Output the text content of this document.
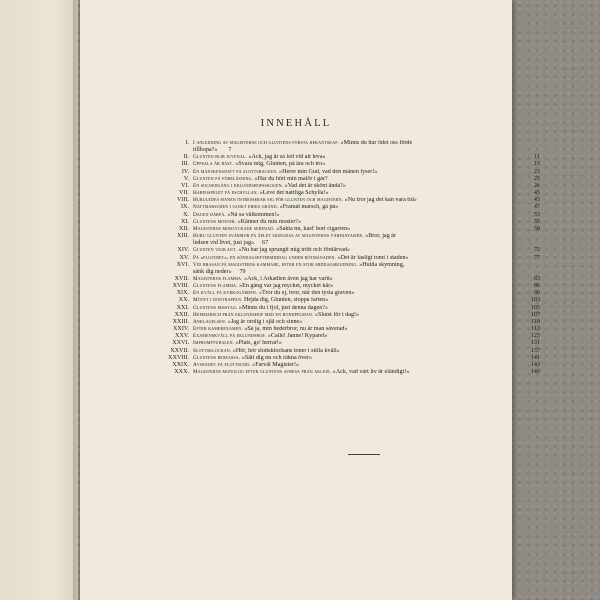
INNEHÅLL
I. I anledning av magisterns och gluntens första bekantskap. »Minns du hur ödet oss förde
tillhopa?»	7
II. Glunten blir juvenal. »Ack, jag är så led vid att leva»	11
III. Uppsala är bäst. »Svara mig, Glunten, på ära och tro»	19
IV. En månskensnatt på slottsbacken. »Herre min Gud, vad den månen lyser!»	23
V. Glunten på föreläsning. »Har du hört min malör i går?	25
VI. En solnedgång i eklundshofsskogen. »Vad det är skönt ändå?»	26
VII. Harpospelet på eschyllan. »Leve det nattliga Schylla!»	45
VIII. Huruledes månen intresserar sig för glunten och magistern. »Nu tror jag det kan vara tid»	45
IX. Nattmarschen i sankt eriks gränd. »Framåt marsch, gå på»	47
X. Dagen därpå. »Nå sa välkommen!»	53
XI. Gluntens moster. »Känner du min moster?»	55
XII. Magisterns misslyckade serenad. »Sakta nu, kast' bort cigarren»	58
XIII. Huru glunten svärmor på äplet skingras av magisterns vårfantasier. »Bror, jag är
ledsen vid livet, just jag»	67
XIV. Glunten vigilant. »Nu har jag sprungit mig trött och fördärvad»	72
XV. På »flustret», en söndagseftermiddag under rötmånaden. »Det är fasligt tomt i staden»	77
XVI. Vid brasan på magisterns kammare, efter en stor middagsbjudning. »Hulda skymning,
sänk dig neder»	79
XVII. Magisterns flamma. »Ack, i Arkadien även jag har varit»	83
XVIII. Gluntens flamma. »En gång var jag mycket, mycket kär»	86
XIX. En kväll på kyrkogården. »Tror du ej, bror, när den tysta graven»	90
XX. Mötet i dontrappan. Hejda dig, Glunten, stoppa farten»	103
XXI. Gluntens misstag. »Minns du i fjol, just denna dagen?»	105
XXII. Hemmarsch från eklundshof med en bondpelman. »Slutst för i dag!»	107
XXIII. Anklagelsen. »Jag är orolig i själ och sinne»	110
XXIV. Efter kamerexamen. »Så ja, min hederbror, nu är man såverad»	113
XXV. Examenskväll på eklundshof. »Calle! Janne! Kyparel»	125
XXVI. Impromptubalen. »Plats, go' herrar!»	131
XXVII. Slottsklockan. »Hör, hör slottsklockans toner i stilla kväll»	137
XXVIII. Gluntens reseassa. »Sätt dig nu och räkna över»	141
XXIX. Avskedet på flottsund. »Farväl Magister!»	143
XXX. Magisterns monolog efter gluntens avresa från akleje. »Ack, vad vårt liv är eländigt!»	149
